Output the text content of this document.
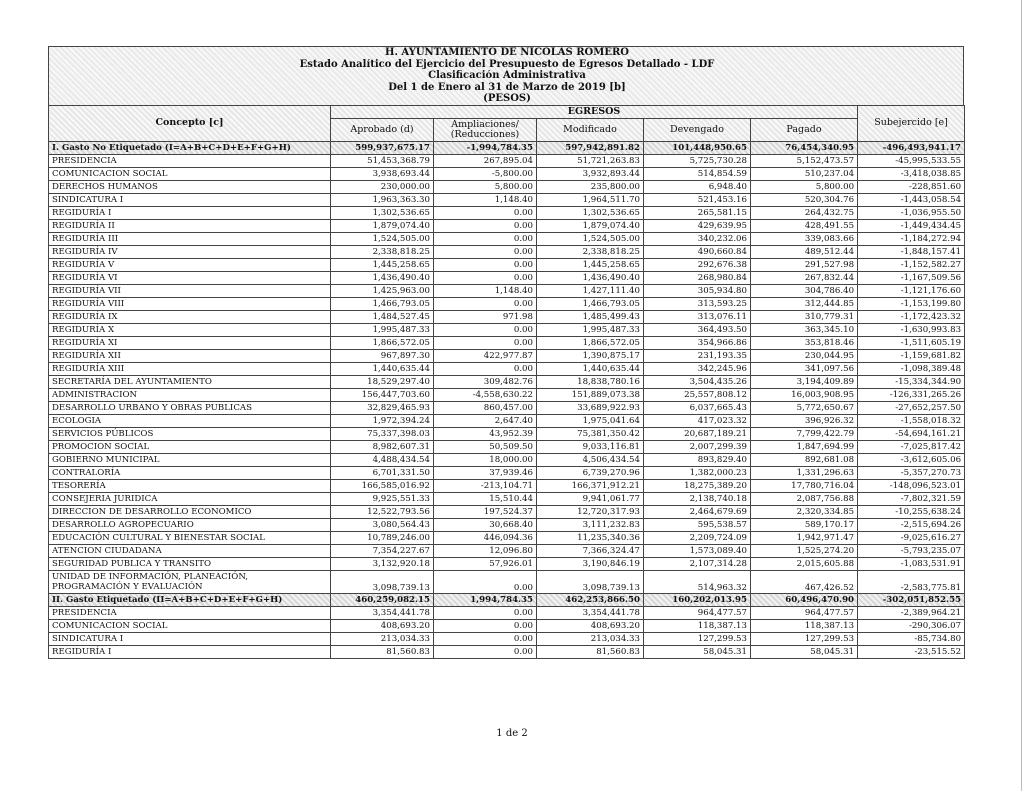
H. AYUNTAMIENTO DE NICOLAS ROMERO
Estado Analítico del Ejercicio del Presupuesto de Egresos Detallado - LDF
Clasificación Administrativa
Del 1 de Enero al 31 de Marzo de 2019 [b]
(PESOS)
Concepto [c]	EGRESOS					Subejercido [e]
	Aprobado (d)	Ampliaciones/ (Reducciones)	Modificado	Devengado	Pagado	
I. Gasto No Etiquetado (I=A+B+C+D+E+F+G+H)	599,937,675.17	-1,994,784.35	597,942,891.82	101,448,950.65	76,454,340.95	-496,493,941.17
PRESIDENCIA	51,453,368.79	267,895.04	51,721,263.83	5,725,730.28	5,152,473.57	-45,995,533.55
COMUNICACION SOCIAL	3,938,693.44	-5,800.00	3,932,893.44	514,854.59	510,237.04	-3,418,038.85
DERECHOS HUMANOS	230,000.00	5,800.00	235,800.00	6,948.40	5,800.00	-228,851.60
SINDICATURA I	1,963,363.30	1,148.40	1,964,511.70	521,453.16	520,304.76	-1,443,058.54
REGIDURÍA I	1,302,536.65	0.00	1,302,536.65	265,581.15	264,432.75	-1,036,955.50
REGIDURÍA II	1,879,074.40	0.00	1,879,074.40	429,639.95	428,491.55	-1,449,434.45
REGIDURÍA III	1,524,505.00	0.00	1,524,505.00	340,232.06	339,083.66	-1,184,272.94
REGIDURÍA IV	2,338,818.25	0.00	2,338,818.25	490,660.84	489,512.44	-1,848,157.41
REGIDURÍA V	1,445,258.65	0.00	1,445,258.65	292,676.38	291,527.98	-1,152,582.27
REGIDURÍA VI	1,436,490.40	0.00	1,436,490.40	268,980.84	267,832.44	-1,167,509.56
REGIDURÍA VII	1,425,963.00	1,148.40	1,427,111.40	305,934.80	304,786.40	-1,121,176.60
REGIDURÍA VIII	1,466,793.05	0.00	1,466,793.05	313,593.25	312,444.85	-1,153,199.80
REGIDURÍA IX	1,484,527.45	971.98	1,485,499.43	313,076.11	310,779.31	-1,172,423.32
REGIDURÍA X	1,995,487.33	0.00	1,995,487.33	364,493.50	363,345.10	-1,630,993.83
REGIDURÍA XI	1,866,572.05	0.00	1,866,572.05	354,966.86	353,818.46	-1,511,605.19
REGIDURÍA XII	967,897.30	422,977.87	1,390,875.17	231,193.35	230,044.95	-1,159,681.82
REGIDURÍA XIII	1,440,635.44	0.00	1,440,635.44	342,245.96	341,097.56	-1,098,389.48
SECRETARÍA DEL AYUNTAMIENTO	18,529,297.40	309,482.76	18,838,780.16	3,504,435.26	3,194,409.89	-15,334,344.90
ADMINISTRACION	156,447,703.60	-4,558,630.22	151,889,073.38	25,557,808.12	16,003,908.95	-126,331,265.26
DESARROLLO URBANO Y OBRAS PUBLICAS	32,829,465.93	860,457.00	33,689,922.93	6,037,665.43	5,772,650.67	-27,652,257.50
ECOLOGIA	1,972,394.24	2,647.40	1,975,041.64	417,023.32	396,926.32	-1,558,018.32
SERVICIOS PÚBLICOS	75,337,398.03	43,952.39	75,381,350.42	20,687,189.21	7,799,422.79	-54,694,161.21
PROMOCION SOCIAL	8,982,607.31	50,509.50	9,033,116.81	2,007,299.39	1,847,694.99	-7,025,817.42
GOBIERNO MUNICIPAL	4,488,434.54	18,000.00	4,506,434.54	893,829.40	892,681.08	-3,612,605.06
CONTRALORÍA	6,701,331.50	37,939.46	6,739,270.96	1,382,000.23	1,331,296.63	-5,357,270.73
TESORERÍA	166,585,016.92	-213,104.71	166,371,912.21	18,275,389.20	17,780,716.04	-148,096,523.01
CONSEJERIA JURIDICA	9,925,551.33	15,510.44	9,941,061.77	2,138,740.18	2,087,756.88	-7,802,321.59
DIRECCION DE DESARROLLO ECONOMICO	12,522,793.56	197,524.37	12,720,317.93	2,464,679.69	2,320,334.85	-10,255,638.24
DESARROLLO AGROPECUARIO	3,080,564.43	30,668.40	3,111,232.83	595,538.57	589,170.17	-2,515,694.26
EDUCACIÓN CULTURAL Y BIENESTAR SOCIAL	10,789,246.00	446,094.36	11,235,340.36	2,209,724.09	1,942,971.47	-9,025,616.27
ATENCION CIUDADANA	7,354,227.67	12,096.80	7,366,324.47	1,573,089.40	1,525,274.20	-5,793,235.07
SEGURIDAD PUBLICA Y TRANSITO	3,132,920.18	57,926.01	3,190,846.19	2,107,314.28	2,015,605.88	-1,083,531.91
UNIDAD DE INFORMACIÓN, PLANEACIÓN, PROGRAMACIÓN Y EVALUACIÓN	3,098,739.13	0.00	3,098,739.13	514,963.32	467,426.52	-2,583,775.81
II. Gasto Etiquetado (II=A+B+C+D+E+F+G+H)	460,259,082.15	1,994,784.35	462,253,866.50	160,202,013.95	60,496,470.90	-302,051,852.55
PRESIDENCIA	3,354,441.78	0.00	3,354,441.78	964,477.57	964,477.57	-2,389,964.21
COMUNICACION SOCIAL	408,693.20	0.00	408,693.20	118,387.13	118,387.13	-290,306.07
SINDICATURA I	213,034.33	0.00	213,034.33	127,299.53	127,299.53	-85,734.80
REGIDURÍA I	81,560.83	0.00	81,560.83	58,045.31	58,045.31	-23,515.52
1 de 2
